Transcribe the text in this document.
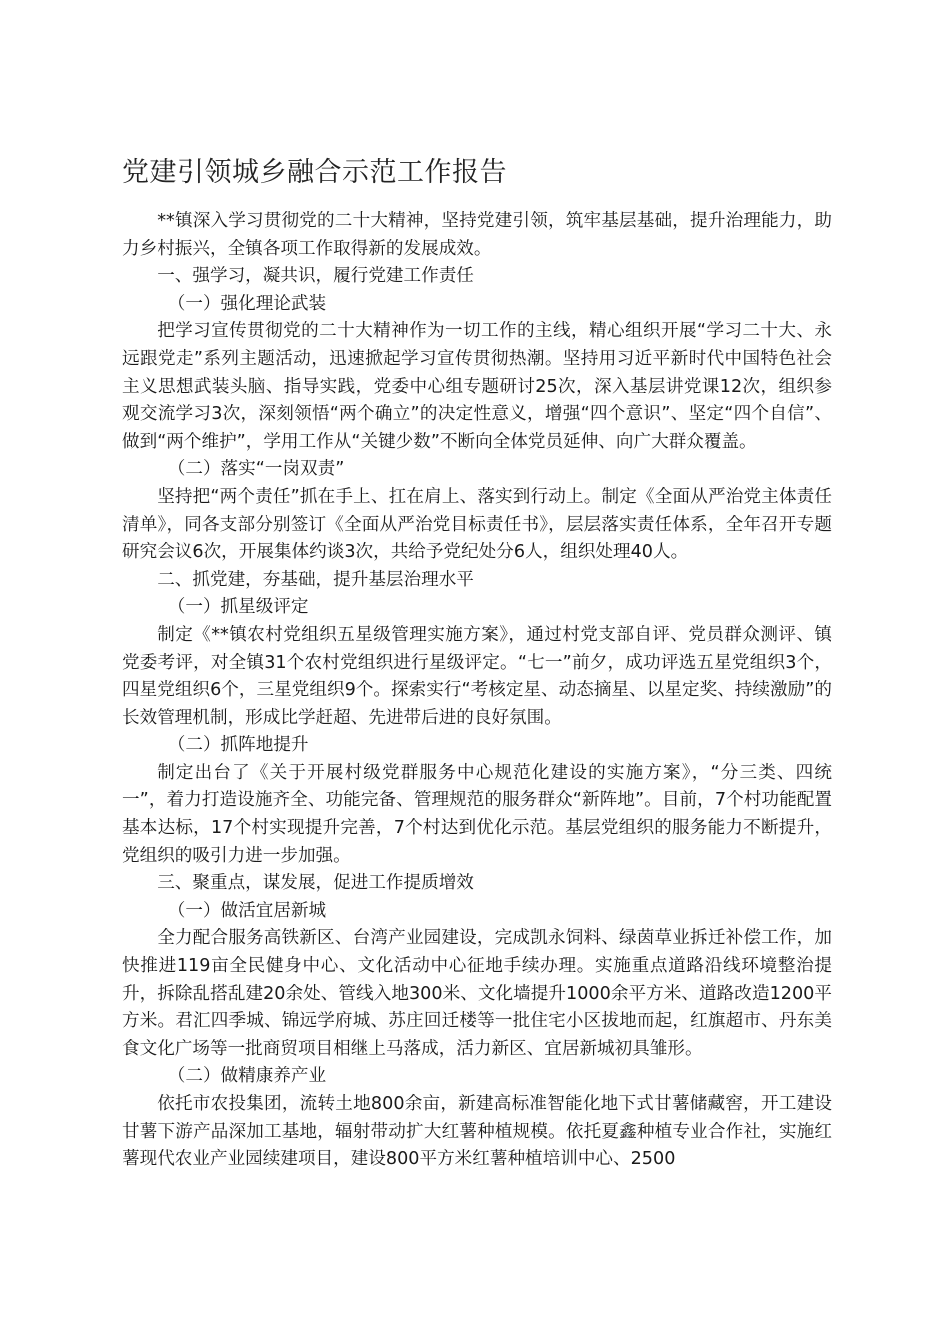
党建引领城乡融合示范工作报告

**镇深入学习贯彻党的二十大精神，坚持党建引领，筑牢基层基础，提升治理能力，助力乡村振兴，全镇各项工作取得新的发展成效。

一、强学习，凝共识，履行党建工作责任

（一）强化理论武装

把学习宣传贯彻党的二十大精神作为一切工作的主线，精心组织开展“学习二十大、永远跟党走”系列主题活动，迅速掀起学习宣传贯彻热潮。坚持用习近平新时代中国特色社会主义思想武装头脑、指导实践，党委中心组专题研讨25次，深入基层讲党课12次，组织参观交流学习3次，深刻领悟“两个确立”的决定性意义，增强“四个意识”、坚定“四个自信”、做到“两个维护”，学用工作从“关键少数”不断向全体党员延伸、向广大群众覆盖。

（二）落实“一岗双责”

坚持把“两个责任”抓在手上、扛在肩上、落实到行动上。制定《全面从严治党主体责任清单》，同各支部分别签订《全面从严治党目标责任书》，层层落实责任体系，全年召开专题研究会议6次，开展集体约谈3次，共给予党纪处分6人，组织处理40人。

二、抓党建，夯基础，提升基层治理水平

（一）抓星级评定

制定《**镇农村党组织五星级管理实施方案》，通过村党支部自评、党员群众测评、镇党委考评，对全镇31个农村党组织进行星级评定。“七一”前夕，成功评选五星党组织3个，四星党组织6个，三星党组织9个。探索实行“考核定星、动态摘星、以星定奖、持续激励”的长效管理机制，形成比学赶超、先进带后进的良好氛围。

（二）抓阵地提升

制定出台了《关于开展村级党群服务中心规范化建设的实施方案》，“分三类、四统一”，着力打造设施齐全、功能完备、管理规范的服务群众“新阵地”。目前，7个村功能配置基本达标，17个村实现提升完善，7个村达到优化示范。基层党组织的服务能力不断提升，党组织的吸引力进一步加强。

三、聚重点，谋发展，促进工作提质增效

（一）做活宜居新城

全力配合服务高铁新区、台湾产业园建设，完成凯永饲料、绿茵草业拆迁补偿工作，加快推进119亩全民健身中心、文化活动中心征地手续办理。实施重点道路沿线环境整治提升，拆除乱搭乱建20余处、管线入地300米、文化墙提升1000余平方米、道路改造1200平方米。君汇四季城、锦远学府城、苏庄回迁楼等一批住宅小区拔地而起，红旗超市、丹东美食文化广场等一批商贸项目相继上马落成，活力新区、宜居新城初具雏形。

（二）做精康养产业

依托市农投集团，流转土地800余亩，新建高标准智能化地下式甘薯储藏窖，开工建设甘薯下游产品深加工基地，辐射带动扩大红薯种植规模。依托夏鑫种植专业合作社，实施红薯现代农业产业园续建项目，建设800平方米红薯种植培训中心、2500
